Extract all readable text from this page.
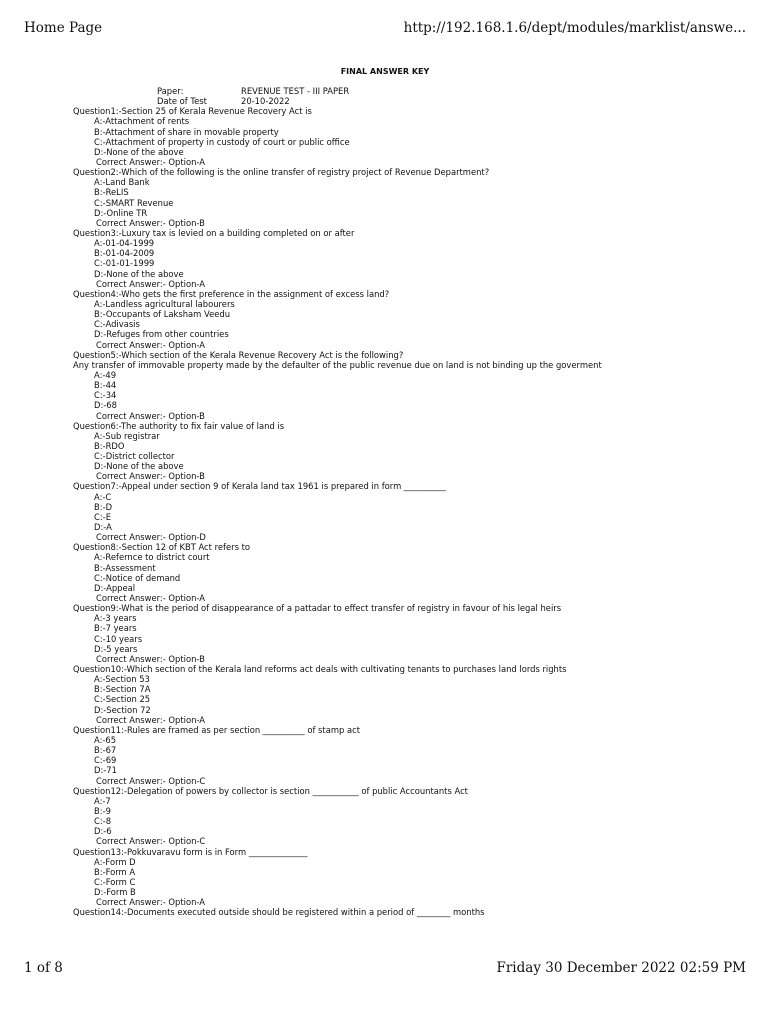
Home Page	http://192.168.1.6/dept/modules/marklist/answe...
FINAL ANSWER KEY
Paper:	REVENUE TEST - III PAPER
Date of Test	20-10-2022
Question1:-Section 25 of Kerala Revenue Recovery Act is
A:-Attachment of rents
B:-Attachment of share in movable property
C:-Attachment of property in custody of court or public office
D:-None of the above
Correct Answer:- Option-A
Question2:-Which of the following is the online transfer of registry project of Revenue Department?
A:-Land Bank
B:-ReLIS
C:-SMART Revenue
D:-Online TR
Correct Answer:- Option-B
Question3:-Luxury tax is levied on a building completed on or after
A:-01-04-1999
B:-01-04-2009
C:-01-01-1999
D:-None of the above
Correct Answer:- Option-A
Question4:-Who gets the first preference in the assignment of excess land?
A:-Landless agricultural labourers
B:-Occupants of Laksham Veedu
C:-Adivasis
D:-Refuges from other countries
Correct Answer:- Option-A
Question5:-Which section of the Kerala Revenue Recovery Act is the following?
Any transfer of immovable property made by the defaulter of the public revenue due on land is not binding up the goverment
A:-49
B:-44
C:-34
D:-68
Correct Answer:- Option-B
Question6:-The authority to fix fair value of land is
A:-Sub registrar
B:-RDO
C:-District collector
D:-None of the above
Correct Answer:- Option-B
Question7:-Appeal under section 9 of Kerala land tax 1961 is prepared in form __________
A:-C
B:-D
C:-E
D:-A
Correct Answer:- Option-D
Question8:-Section 12 of KBT Act refers to
A:-Refernce to district court
B:-Assessment
C:-Notice of demand
D:-Appeal
Correct Answer:- Option-A
Question9:-What is the period of disappearance of a pattadar to effect transfer of registry in favour of his legal heirs
A:-3 years
B:-7 years
C:-10 years
D:-5 years
Correct Answer:- Option-B
Question10:-Which section of the Kerala land reforms act deals with cultivating tenants to purchases land lords rights
A:-Section 53
B:-Section 7A
C:-Section 25
D:-Section 72
Correct Answer:- Option-A
Question11:-Rules are framed as per section __________ of stamp act
A:-65
B:-67
C:-69
D:-71
Correct Answer:- Option-C
Question12:-Delegation of powers by collector is section ___________ of public Accountants Act
A:-7
B:-9
C:-8
D:-6
Correct Answer:- Option-C
Question13:-Pokkuvaravu form is in Form ______________
A:-Form D
B:-Form A
C:-Form C
D:-Form B
Correct Answer:- Option-A
Question14:-Documents executed outside should be registered within a period of ________ months
1 of 8	Friday 30 December 2022 02:59 PM
